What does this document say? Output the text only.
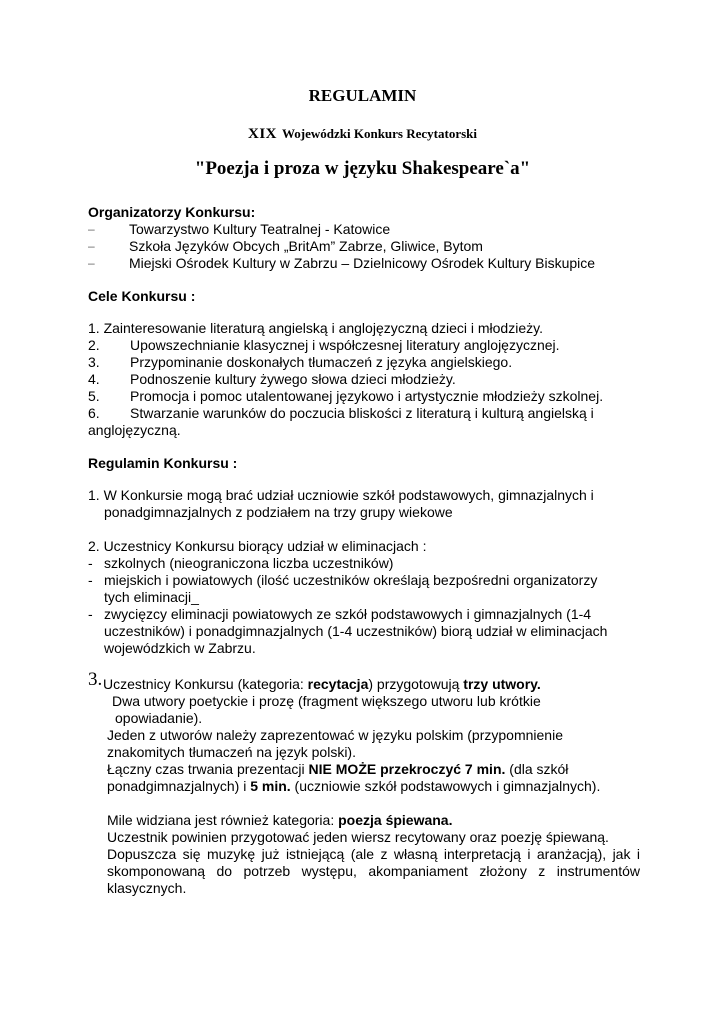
REGULAMIN
XIX Wojewódzki Konkurs Recytatorski
"Poezja i proza w języku Shakespeare`a"
Organizatorzy Konkursu:
– Towarzystwo Kultury Teatralnej - Katowice
– Szkoła Języków Obcych „BritAm” Zabrze, Gliwice, Bytom
– Miejski Ośrodek Kultury w Zabrzu – Dzielnicowy Ośrodek Kultury Biskupice
Cele Konkursu :
1. Zainteresowanie literaturą angielską i anglojęzyczną dzieci i młodzieży.
2. Upowszechnianie klasycznej i współczesnej literatury anglojęzycznej.
3. Przypominanie doskonałych tłumaczeń z języka angielskiego.
4. Podnoszenie kultury żywego słowa dzieci młodzieży.
5. Promocja i pomoc utalentowanej językowo i artystycznie młodzieży szkolnej.
6. Stwarzanie warunków do poczucia bliskości z literaturą i kulturą angielską i
anglojęzyczną.
Regulamin Konkursu :
1. W Konkursie mogą brać udział uczniowie szkół podstawowych, gimnazjalnych i
ponadgimnazjalnych z podziałem na trzy grupy wiekowe
2. Uczestnicy Konkursu biorący udział w eliminacjach :
- szkolnych (nieograniczona liczba uczestników)
- miejskich i powiatowych (ilość uczestników określają bezpośredni organizatorzy
tych eliminacji_
- zwycięzcy eliminacji powiatowych ze szkół podstawowych i gimnazjalnych (1-4
uczestników) i ponadgimnazjalnych (1-4 uczestników) biorą udział w eliminacjach
wojewódzkich w Zabrzu.
3. Uczestnicy Konkursu (kategoria: recytacja) przygotowują trzy utwory.
Dwa utwory poetyckie i prozę (fragment większego utworu lub krótkie
opowiadanie).
Jeden z utworów należy zaprezentować w języku polskim (przypomnienie
znakomitych tłumaczeń na język polski).
Łączny czas trwania prezentacji NIE MOŻE przekroczyć 7 min. (dla szkół
ponadgimnazjalnych) i 5 min. (uczniowie szkół podstawowych i gimnazjalnych).
Mile widziana jest również kategoria: poezja śpiewana.
Uczestnik powinien przygotować jeden wiersz recytowany oraz poezję śpiewaną.
Dopuszcza się muzykę już istniejącą (ale z własną interpretacją i aranżacją), jak i
skomponowaną do potrzeb występu, akompaniament złożony z instrumentów
klasycznych.
